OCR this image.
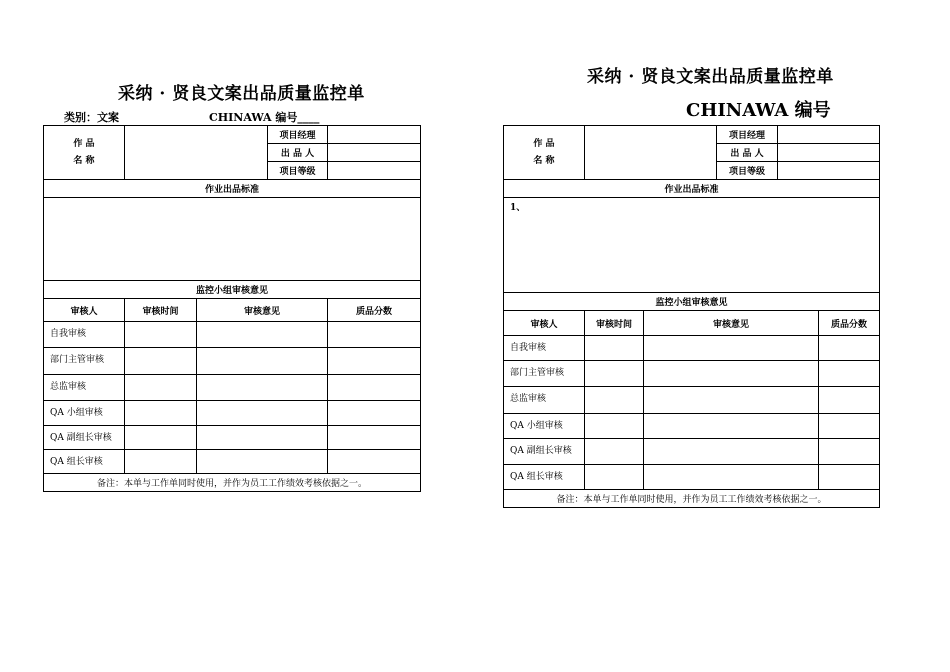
采纳 · 贤良文案出品质量监控单
类别：文案	CHINAWA 编号____
作 品
名 称			项目经理	
			出 品 人	
			项目等级	
作业出品标准				

监控小组审核意见				
审核人	审核时间	审核意见		质品分数
自我审核				
部门主管审核				
总监审核				
QA 小组审核				
QA 副组长审核				
QA 组长审核				
备注：本单与工作单同时使用，并作为员工工作绩效考核依据之一。				
采纳 · 贤良文案出品质量监控单
CHINAWA 编号
作 品
名 称			项目经理		
			出 品 人		
			项目等级		
作业出品标准					
1、					
监控小组审核意见					
审核人	审核时间	审核意见			质品分数
自我审核					
部门主管审核					
总监审核					
QA 小组审核					
QA 副组长审核					
QA 组长审核					
备注：本单与工作单同时使用，并作为员工工作绩效考核依据之一。					
